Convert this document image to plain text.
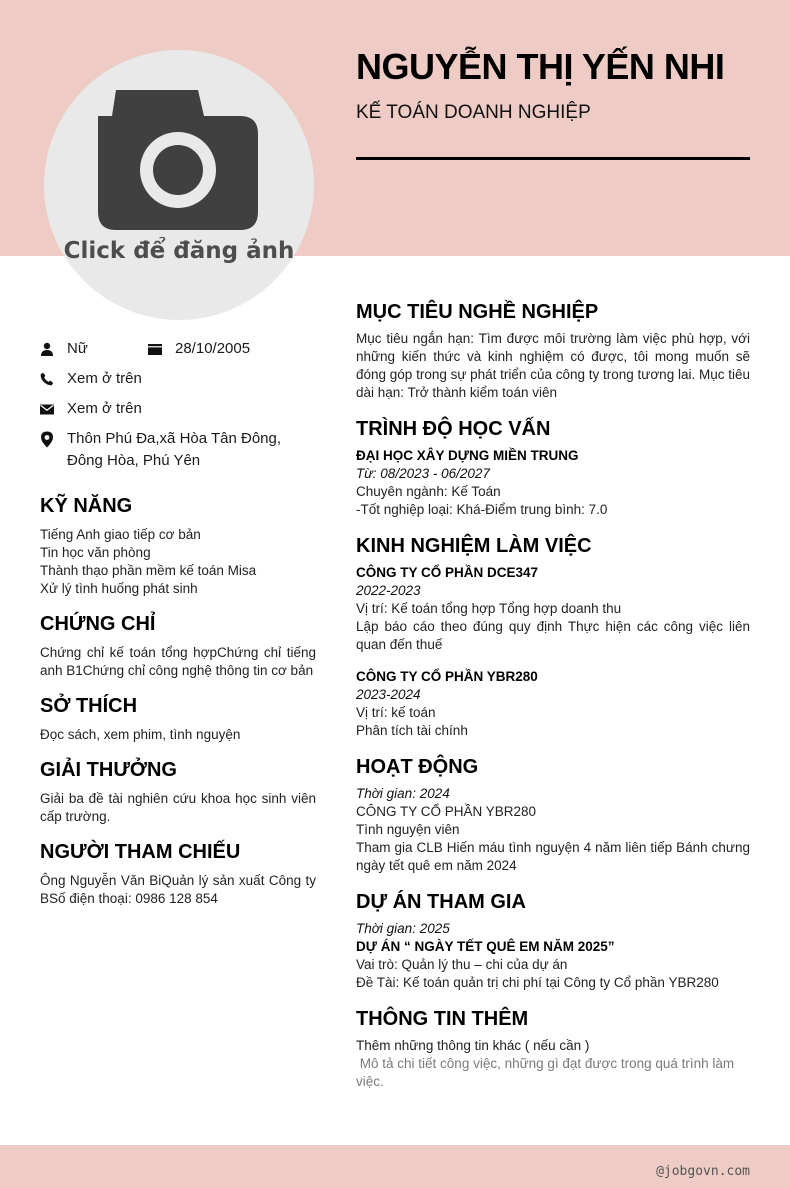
Click để đăng ảnh
NGUYỄN THỊ YẾN NHI
KẾ TOÁN DOANH NGHIỆP
Nữ	28/10/2005
Xem ở trên
Xem ở trên
Thôn Phú Đa,xã Hòa Tân Đông,
Đông Hòa, Phú Yên
KỸ NĂNG
Tiếng Anh giao tiếp cơ bản
Tin học văn phòng
Thành thạo phần mềm kế toán Misa
Xử lý tình huống phát sinh
CHỨNG CHỈ
Chứng chỉ kế toán tổng hợpChứng chỉ tiếng anh B1Chứng chỉ công nghệ thông tin cơ bản
SỞ THÍCH
Đọc sách, xem phim, tình nguyện
GIẢI THƯỞNG
Giải ba đề tài nghiên cứu khoa học sinh viên cấp trường.
NGƯỜI THAM CHIẾU
Ông Nguyễn Văn BiQuản lý sản xuất Công ty BSố điện thoại: 0986 128 854
MỤC TIÊU NGHỀ NGHIỆP
Mục tiêu ngắn hạn: Tìm được môi trường làm việc phù hợp, với những kiến thức và kinh nghiệm có được, tôi mong muốn sẽ đóng góp trong sự phát triển của công ty trong tương lai. Mục tiêu dài hạn: Trở thành kiểm toán viên
TRÌNH ĐỘ HỌC VẤN
ĐẠI HỌC XÂY DỰNG MIỀN TRUNG
Từ: 08/2023 - 06/2027
Chuyên ngành: Kế Toán
-Tốt nghiệp loại: Khá-Điểm trung bình: 7.0
KINH NGHIỆM LÀM VIỆC
CÔNG TY CỔ PHẦN DCE347
2022-2023
Vị trí: Kế toán tổng hợp Tổng hợp doanh thu
Lập báo cáo theo đúng quy định Thực hiện các công việc liên quan đến thuế
CÔNG TY CỔ PHẦN YBR280
2023-2024
Vị trí: kế toán
Phân tích tài chính
HOẠT ĐỘNG
Thời gian: 2024
CÔNG TY CỔ PHẦN YBR280
Tình nguyện viên
Tham gia CLB Hiến máu tình nguyện 4 năm liên tiếp Bánh chưng ngày tết quê em năm 2024
DỰ ÁN THAM GIA
Thời gian: 2025
DỰ ÁN “ NGÀY TẾT QUÊ EM NĂM 2025”
Vai trò: Quản lý thu – chi của dự án
Đề Tài: Kế toán quản trị chi phí tại Công ty Cổ phần YBR280
THÔNG TIN THÊM
Thêm những thông tin khác ( nếu cần )
Mô tả chi tiết công việc, những gì đạt được trong quá trình làm việc.
@jobgovn.com
